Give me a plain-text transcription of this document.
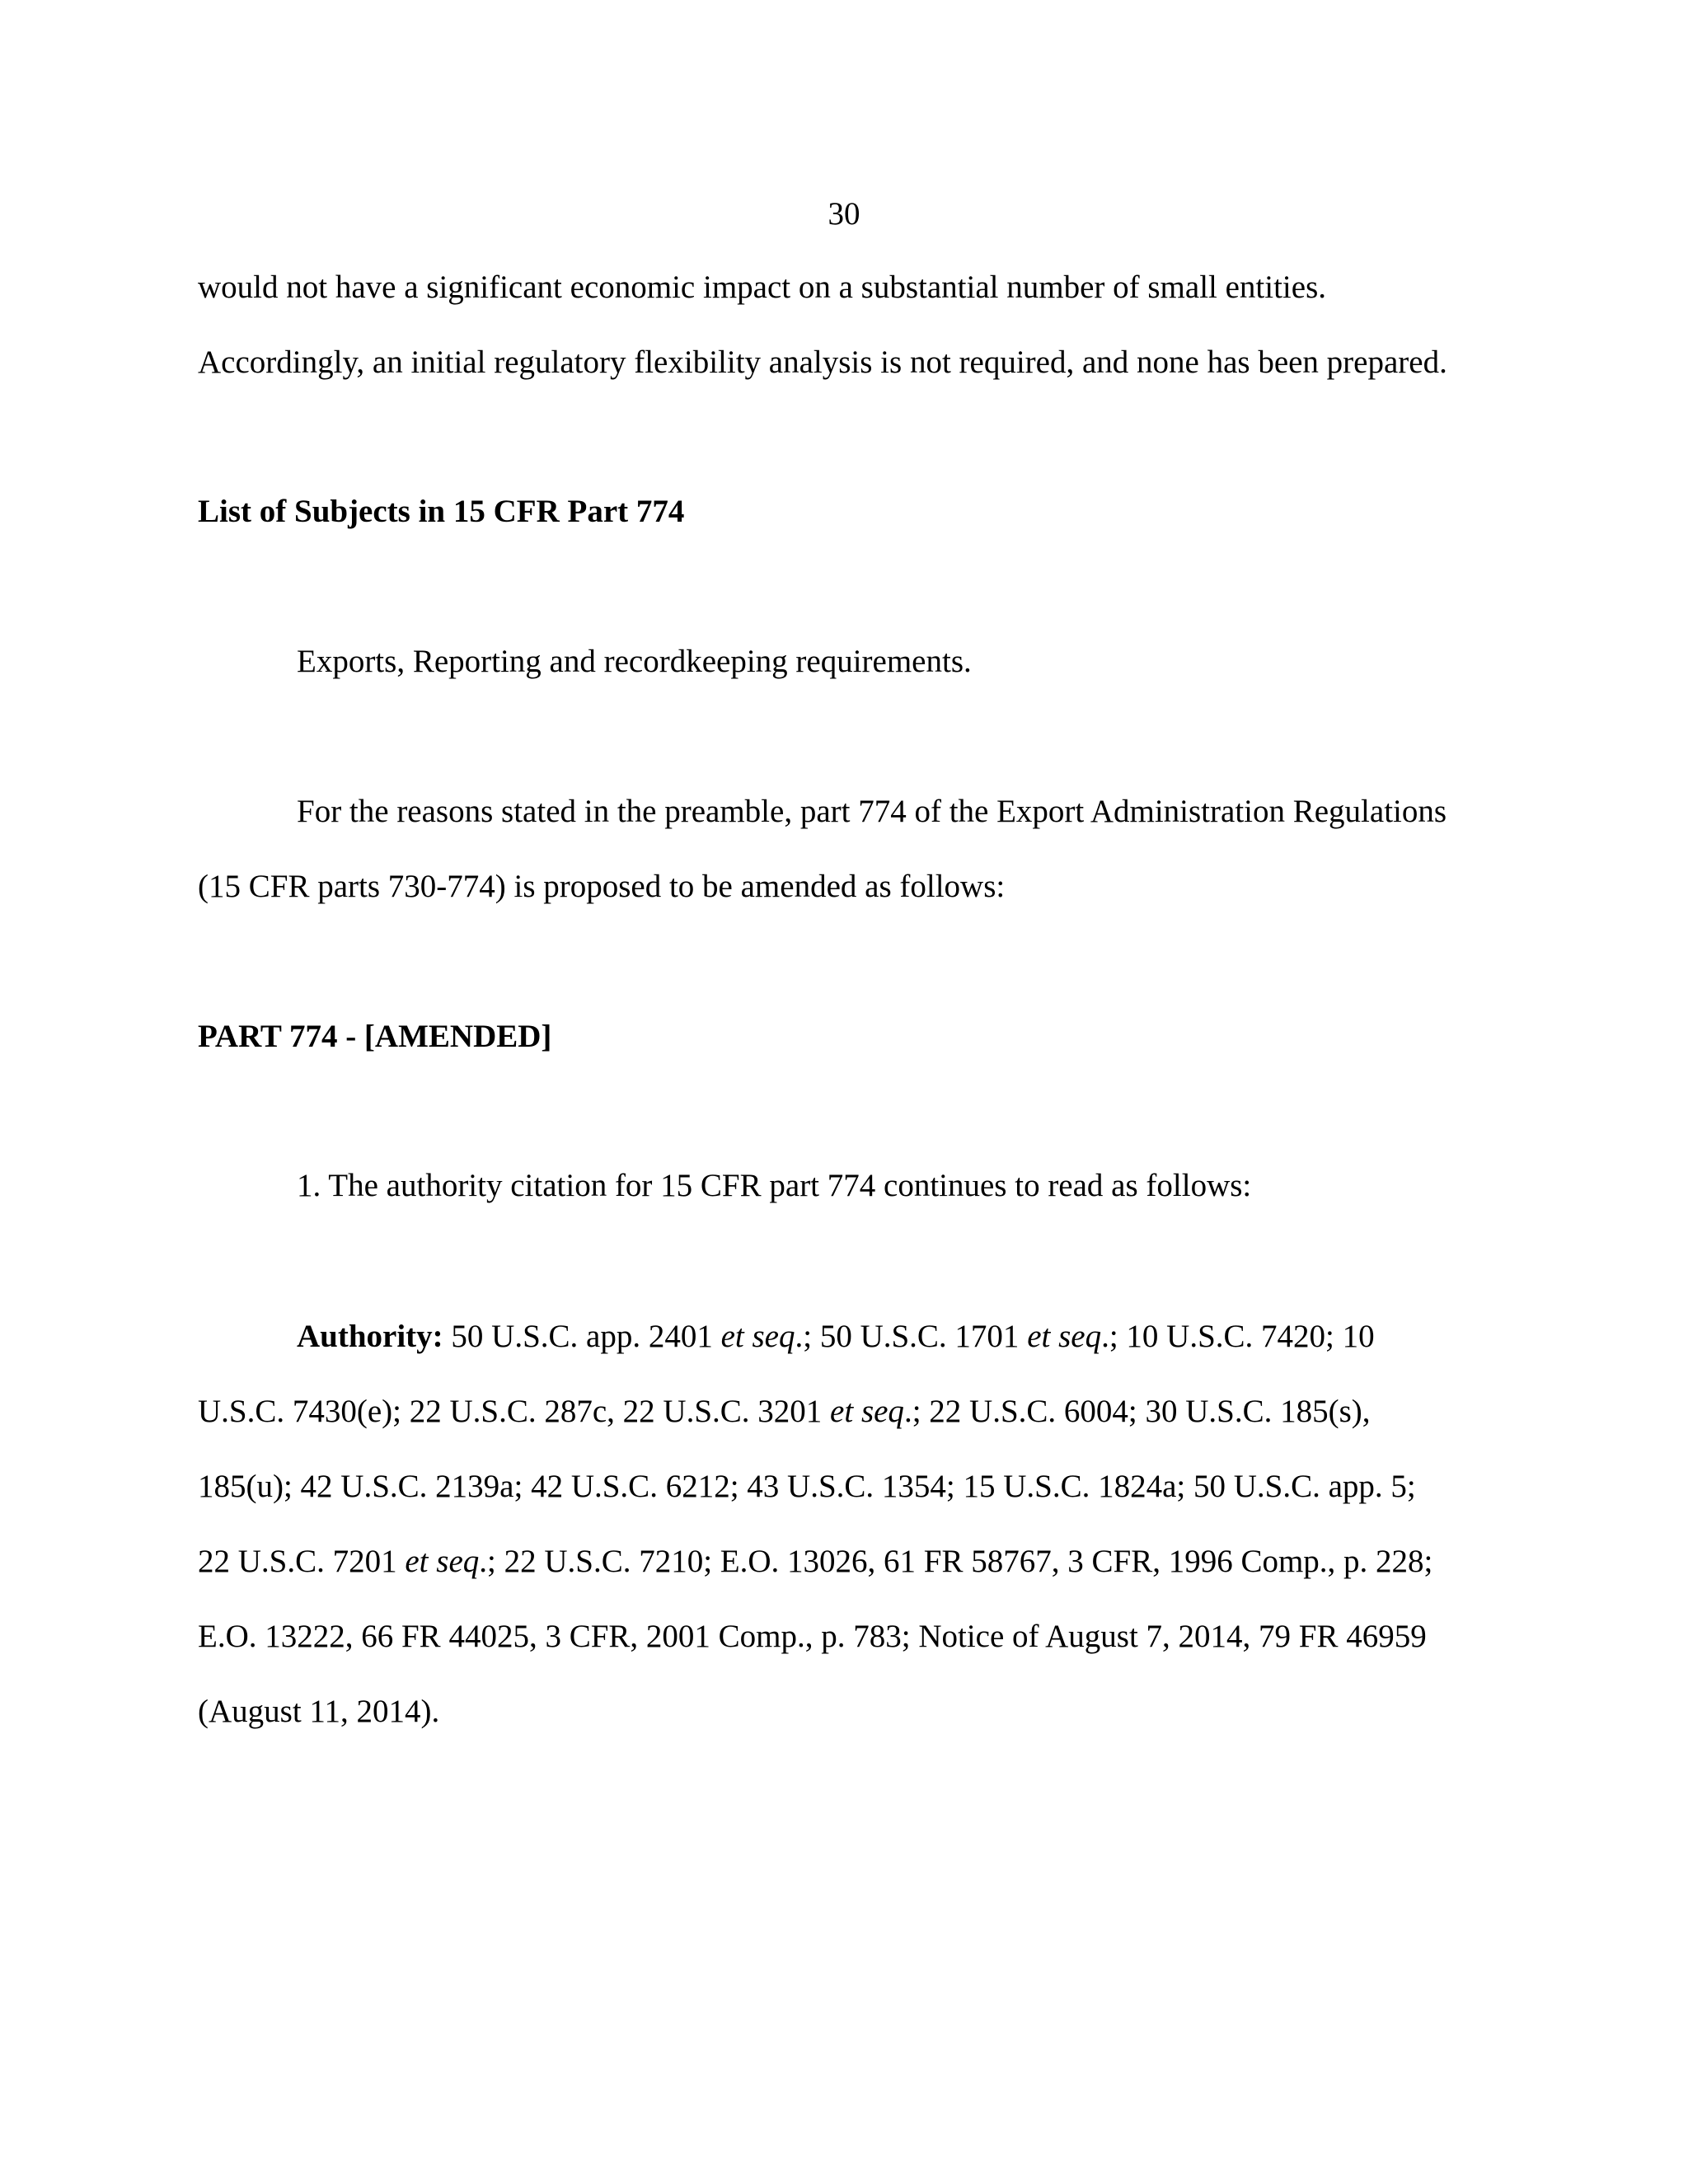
30
would not have a significant economic impact on a substantial number of small entities.
Accordingly, an initial regulatory flexibility analysis is not required, and none has been prepared.
List of Subjects in 15 CFR Part 774
Exports, Reporting and recordkeeping requirements.
For the reasons stated in the preamble, part 774 of the Export Administration Regulations
(15 CFR parts 730-774) is proposed to be amended as follows:
PART 774 - [AMENDED]
1. The authority citation for 15 CFR part 774 continues to read as follows:
Authority: 50 U.S.C. app. 2401 et seq.; 50 U.S.C. 1701 et seq.; 10 U.S.C. 7420; 10
U.S.C. 7430(e); 22 U.S.C. 287c, 22 U.S.C. 3201 et seq.; 22 U.S.C. 6004; 30 U.S.C. 185(s),
185(u); 42 U.S.C. 2139a; 42 U.S.C. 6212; 43 U.S.C. 1354; 15 U.S.C. 1824a; 50 U.S.C. app. 5;
22 U.S.C. 7201 et seq.; 22 U.S.C. 7210; E.O. 13026, 61 FR 58767, 3 CFR, 1996 Comp., p. 228;
E.O. 13222, 66 FR 44025, 3 CFR, 2001 Comp., p. 783; Notice of August 7, 2014, 79 FR 46959
(August 11, 2014).
